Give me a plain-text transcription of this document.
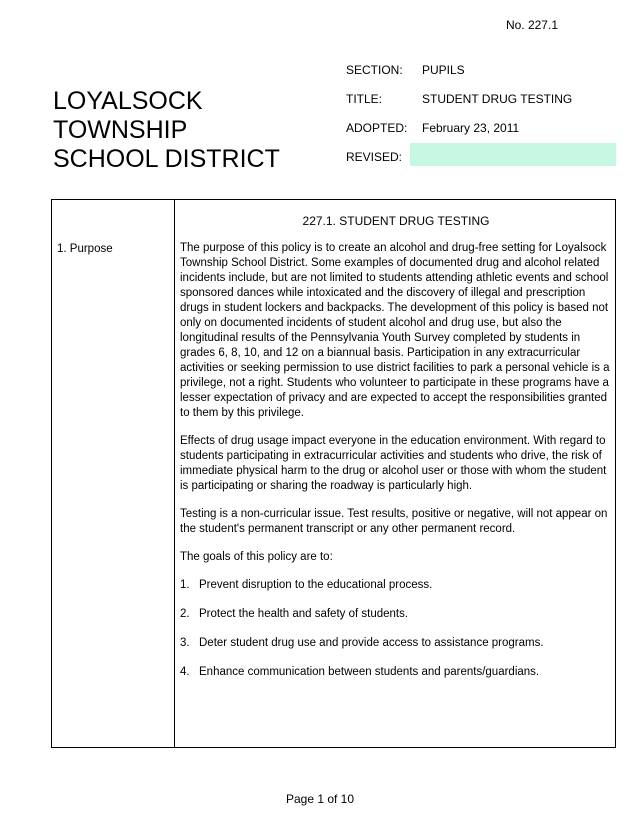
No. 227.1
LOYALSOCK
TOWNSHIP
SCHOOL DISTRICT
SECTION: PUPILS
TITLE:	STUDENT DRUG TESTING
ADOPTED: February 23, 2011
REVISED:
227.1. STUDENT DRUG TESTING
1. Purpose	The purpose of this policy is to create an alcohol and drug-free setting for Loyalsock Township School District. Some examples of documented drug and alcohol related incidents include, but are not limited to students attending athletic events and school sponsored dances while intoxicated and the discovery of illegal and prescription drugs in student lockers and backpacks. The development of this policy is based not only on documented incidents of student alcohol and drug use, but also the longitudinal results of the Pennsylvania Youth Survey completed by students in grades 6, 8, 10, and 12 on a biannual basis. Participation in any extracurricular activities or seeking permission to use district facilities to park a personal vehicle is a privilege, not a right. Students who volunteer to participate in these programs have a lesser expectation of privacy and are expected to accept the responsibilities granted to them by this privilege.

Effects of drug usage impact everyone in the education environment. With regard to students participating in extracurricular activities and students who drive, the risk of immediate physical harm to the drug or alcohol user or those with whom the student is participating or sharing the roadway is particularly high.

Testing is a non-curricular issue. Test results, positive or negative, will not appear on the student's permanent transcript or any other permanent record.

The goals of this policy are to:

1. Prevent disruption to the educational process.
2. Protect the health and safety of students.
3. Deter student drug use and provide access to assistance programs.
4. Enhance communication between students and parents/guardians.
Page 1 of 10
